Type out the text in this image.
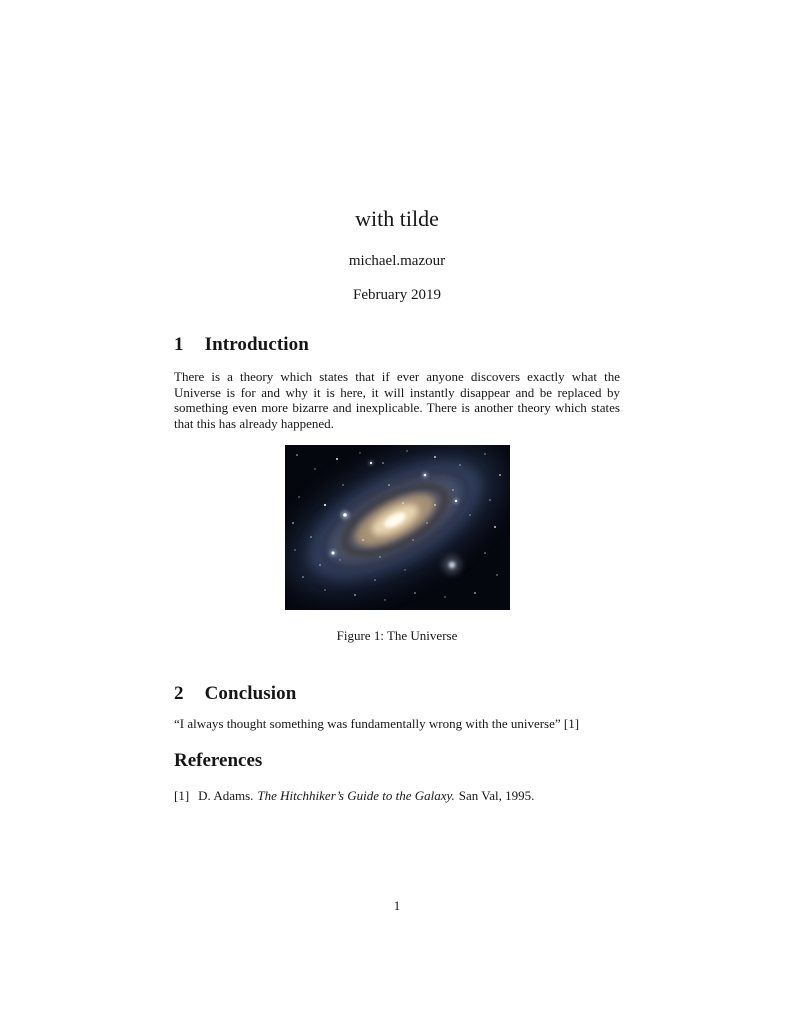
with tilde
michael.mazour
February 2019
1 Introduction

There is a theory which states that if ever anyone discovers exactly what the Universe is for and why it is here, it will instantly disappear and be replaced by something even more bizarre and inexplicable. There is another theory which states that this has already happened.

Figure 1: The Universe
2 Conclusion

“I always thought something was fundamentally wrong with the universe” [1]

References
[1] D. Adams. The Hitchhiker’s Guide to the Galaxy. San Val, 1995.
1
